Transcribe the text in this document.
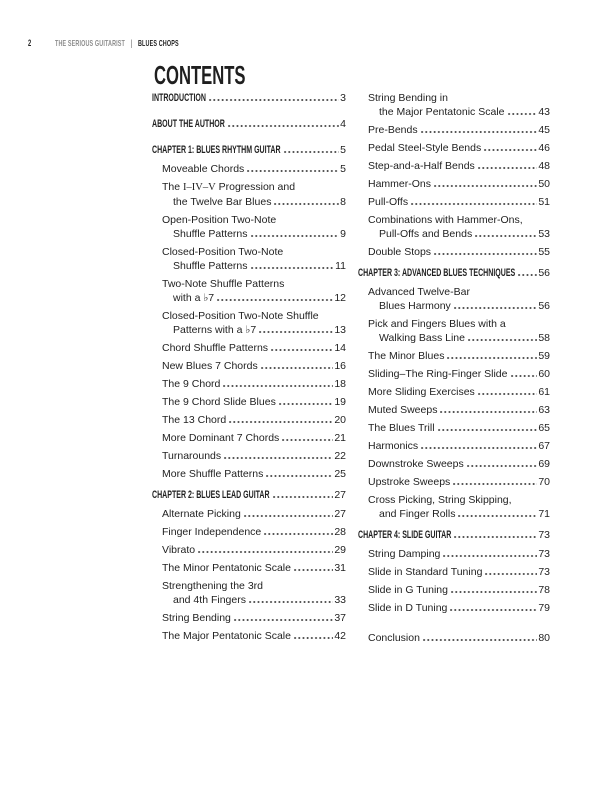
2	THE SERIOUS GUITARIST | BLUES CHOPS
CONTENTS
INTRODUCTION	3
ABOUT THE AUTHOR	4
CHAPTER 1: BLUES RHYTHM GUITAR	5
Moveable Chords	5
The I–IV–V Progression and
the Twelve Bar Blues	8
Open-Position Two-Note
Shuffle Patterns	9
Closed-Position Two-Note
Shuffle Patterns	11
Two-Note Shuffle Patterns
with a ♭7	12
Closed-Position Two-Note Shuffle
Patterns with a ♭7	13
Chord Shuffle Patterns	14
New Blues 7 Chords	16
The 9 Chord	18
The 9 Chord Slide Blues	19
The 13 Chord	20
More Dominant 7 Chords	21
Turnarounds	22
More Shuffle Patterns	25
CHAPTER 2: BLUES LEAD GUITAR	27
Alternate Picking	27
Finger Independence	28
Vibrato	29
The Minor Pentatonic Scale	31
Strengthening the 3rd
and 4th Fingers	33
String Bending	37
The Major Pentatonic Scale	42
String Bending in
the Major Pentatonic Scale	43
Pre-Bends	45
Pedal Steel-Style Bends	46
Step-and-a-Half Bends	48
Hammer-Ons	50
Pull-Offs	51
Combinations with Hammer-Ons,
Pull-Offs and Bends	53
Double Stops	55
CHAPTER 3: ADVANCED BLUES TECHNIQUES 56
Advanced Twelve-Bar
Blues Harmony	56
Pick and Fingers Blues with a
Walking Bass Line	58
The Minor Blues	59
Sliding–The Ring-Finger Slide	60
More Sliding Exercises	61
Muted Sweeps	63
The Blues Trill	65
Harmonics	67
Downstroke Sweeps	69
Upstroke Sweeps	70
Cross Picking, String Skipping,
and Finger Rolls	71
CHAPTER 4: SLIDE GUITAR	73
String Damping	73
Slide in Standard Tuning	73
Slide in G Tuning	78
Slide in D Tuning	79
Conclusion	80
